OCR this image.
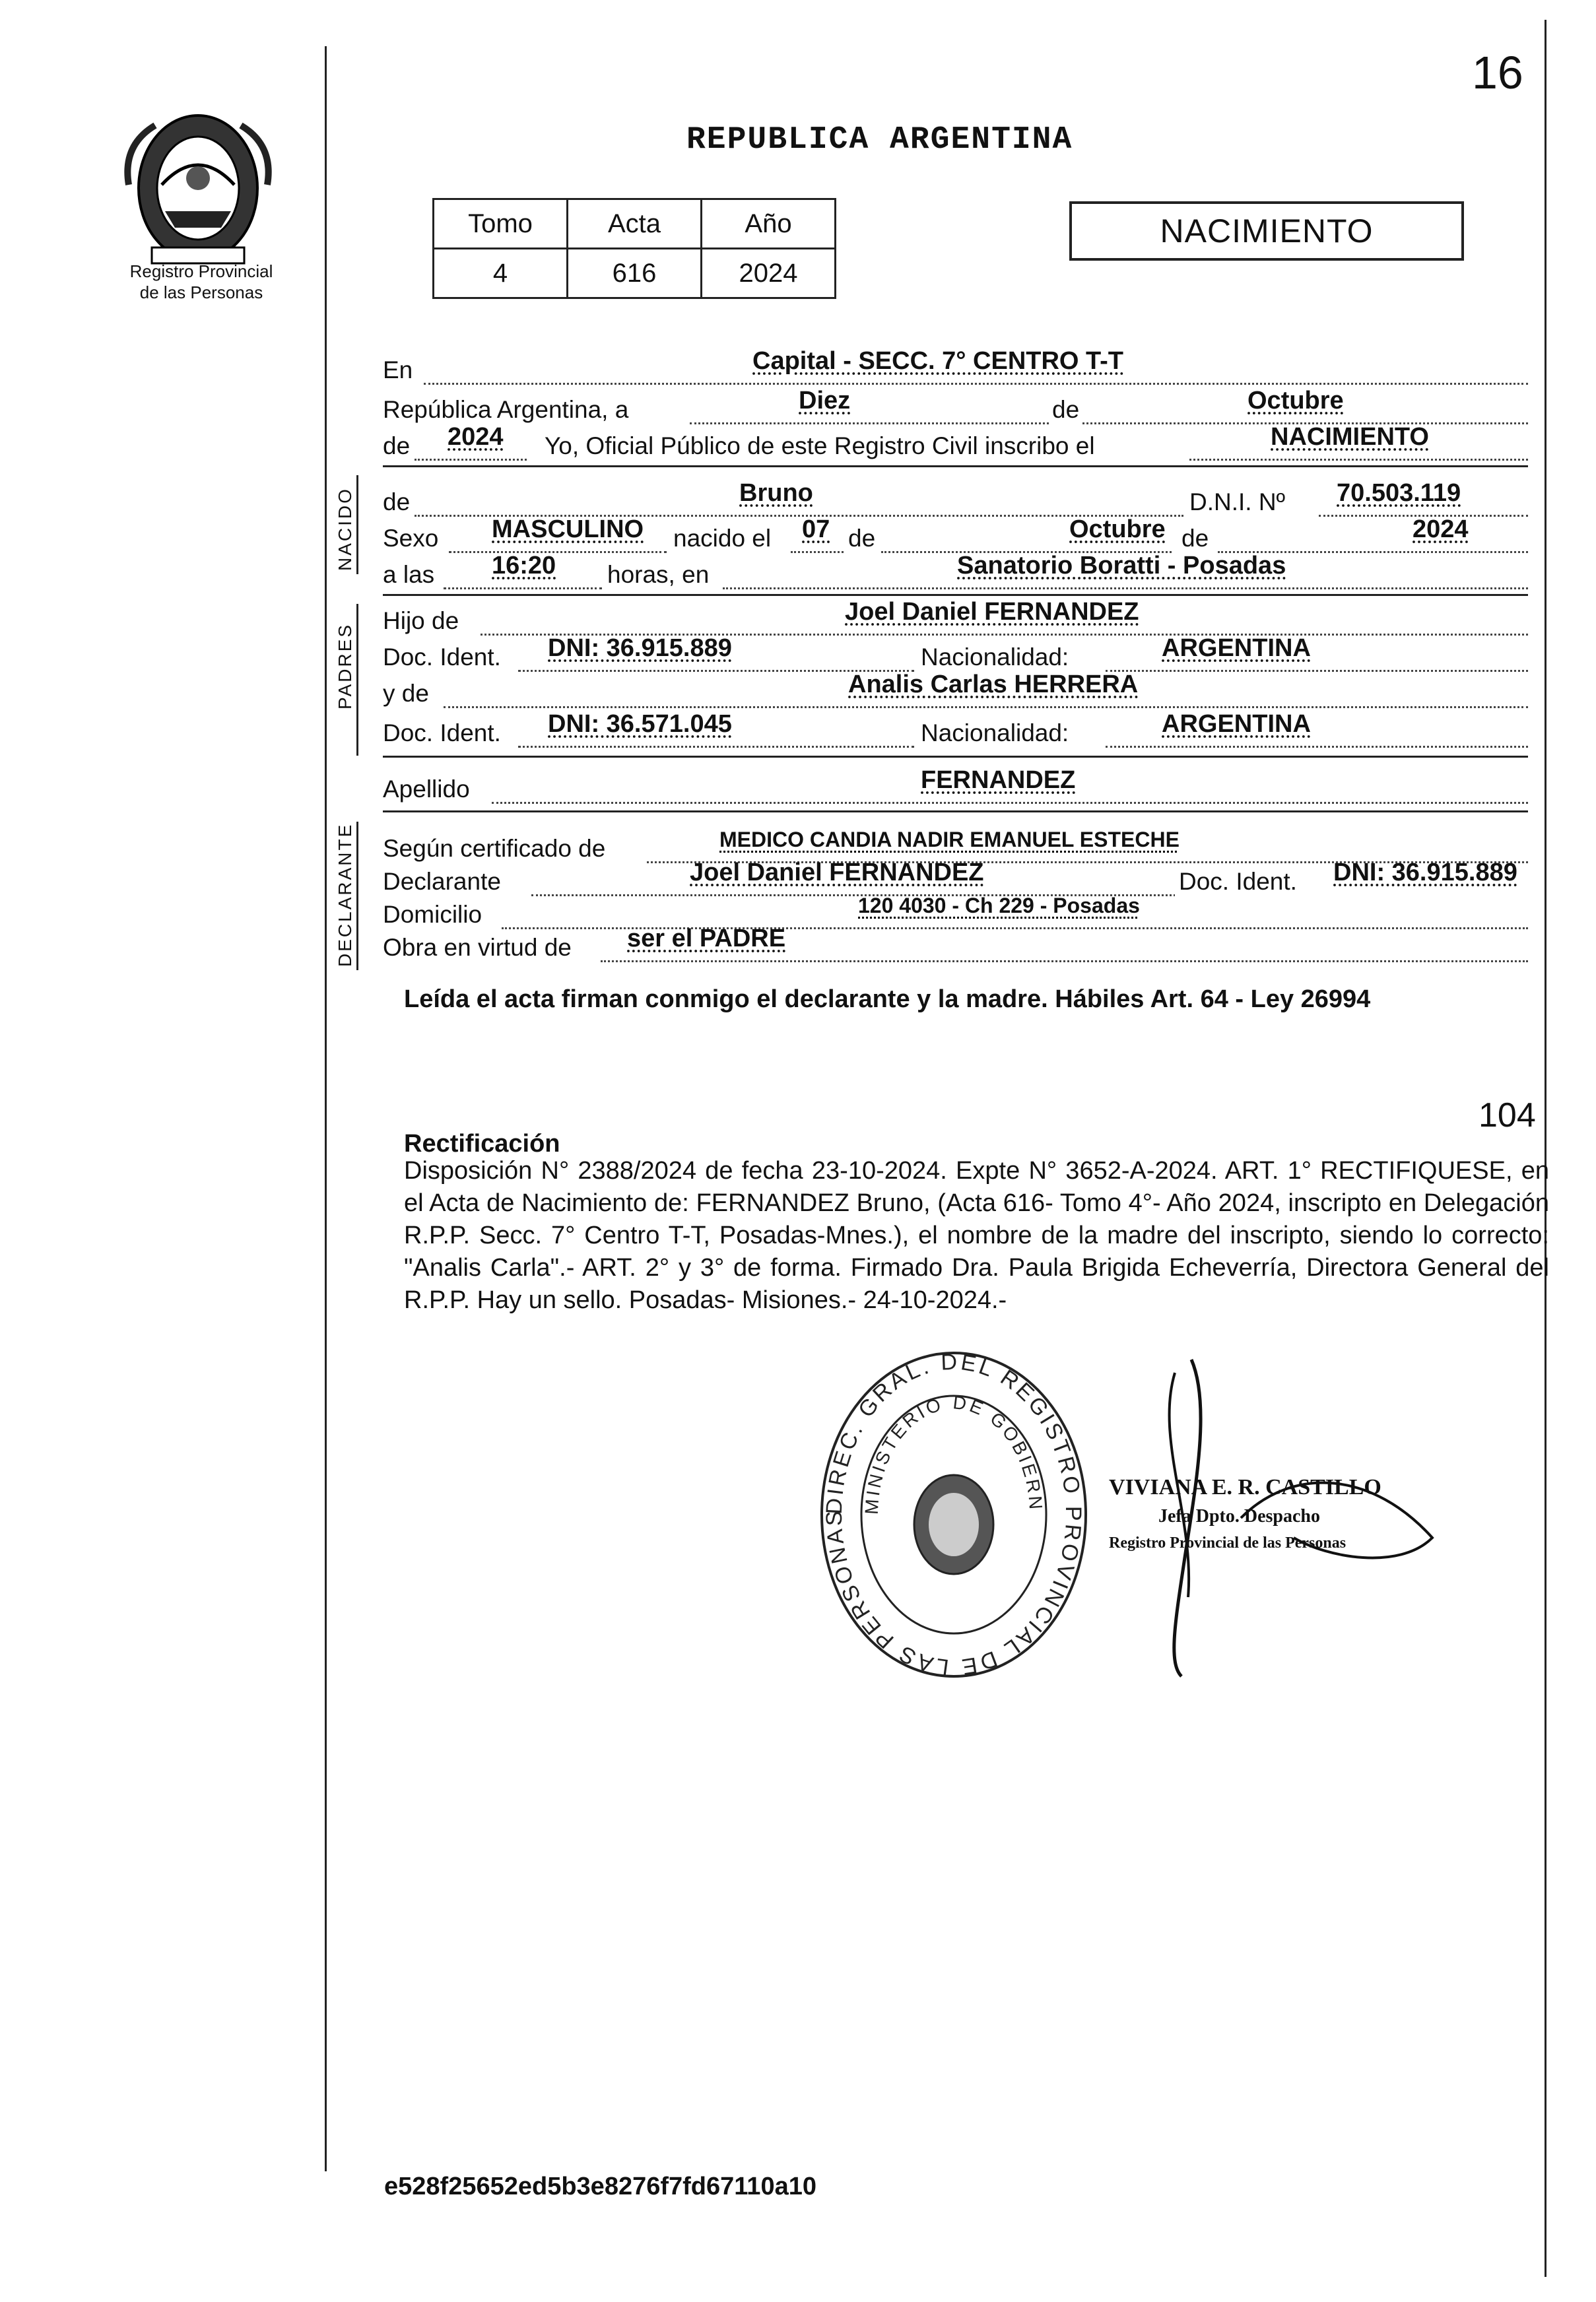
Registro Provincial
de las Personas
16
REPUBLICA ARGENTINA
Tomo	Acta	Año
4	616	2024
NACIMIENTO
En	Capital - SECC. 7° CENTRO T-T
República Argentina, a	Diez	de	Octubre
de 2024 Yo, Oficial Público de este Registro Civil inscribo el	NACIMIENTO
NACIDO de	Bruno	D.N.I. Nº 70.503.119
Sexo MASCULINO nacido el 07 de	Octubre de	2024
a las 16:20 horas, en	Sanatorio Boratti - Posadas
PADRES
Hijo de	Joel Daniel FERNANDEZ
Doc. Ident. DNI: 36.915.889	Nacionalidad:	ARGENTINA
y de	Analis Carlas HERRERA
Doc. Ident. DNI: 36.571.045	Nacionalidad:	ARGENTINA
Apellido	FERNANDEZ
DECLARANTE Según certificado de	MEDICO CANDIA NADIR EMANUEL ESTECHE
Declarante	Joel Daniel FERNANDEZ	Doc. Ident. DNI: 36.915.889
Domicilio	120 4030 - Ch 229 - Posadas
Obra en virtud de ser el PADRE
Leída el acta firman conmigo el declarante y la madre. Hábiles Art. 64 - Ley 26994
104
Rectificación
Disposición N° 2388/2024 de fecha 23-10-2024. Expte N° 3652-A-2024. ART. 1° RECTIFIQUESE, en el Acta de Nacimiento de: FERNANDEZ Bruno, (Acta 616- Tomo 4°- Año 2024, inscripto en Delegación R.P.P. Secc. 7° Centro T-T, Posadas-Mnes.), el nombre de la madre del inscripto, siendo lo correcto: "Analis Carla".- ART. 2° y 3° de forma. Firmado Dra. Paula Brigida Echeverría, Directora General del R.P.P. Hay un sello. Posadas- Misiones.- 24-10-2024.-
DIREC. GRAL. DEL REGISTRO PROVINCIAL DE LAS PERSONAS
MINISTERIO DE GOBIERN
VIVIANA E. R. CASTILLO
Jefa Dpto. Despacho
Registro Provincial de las Personas
e528f25652ed5b3e8276f7fd67110a10
